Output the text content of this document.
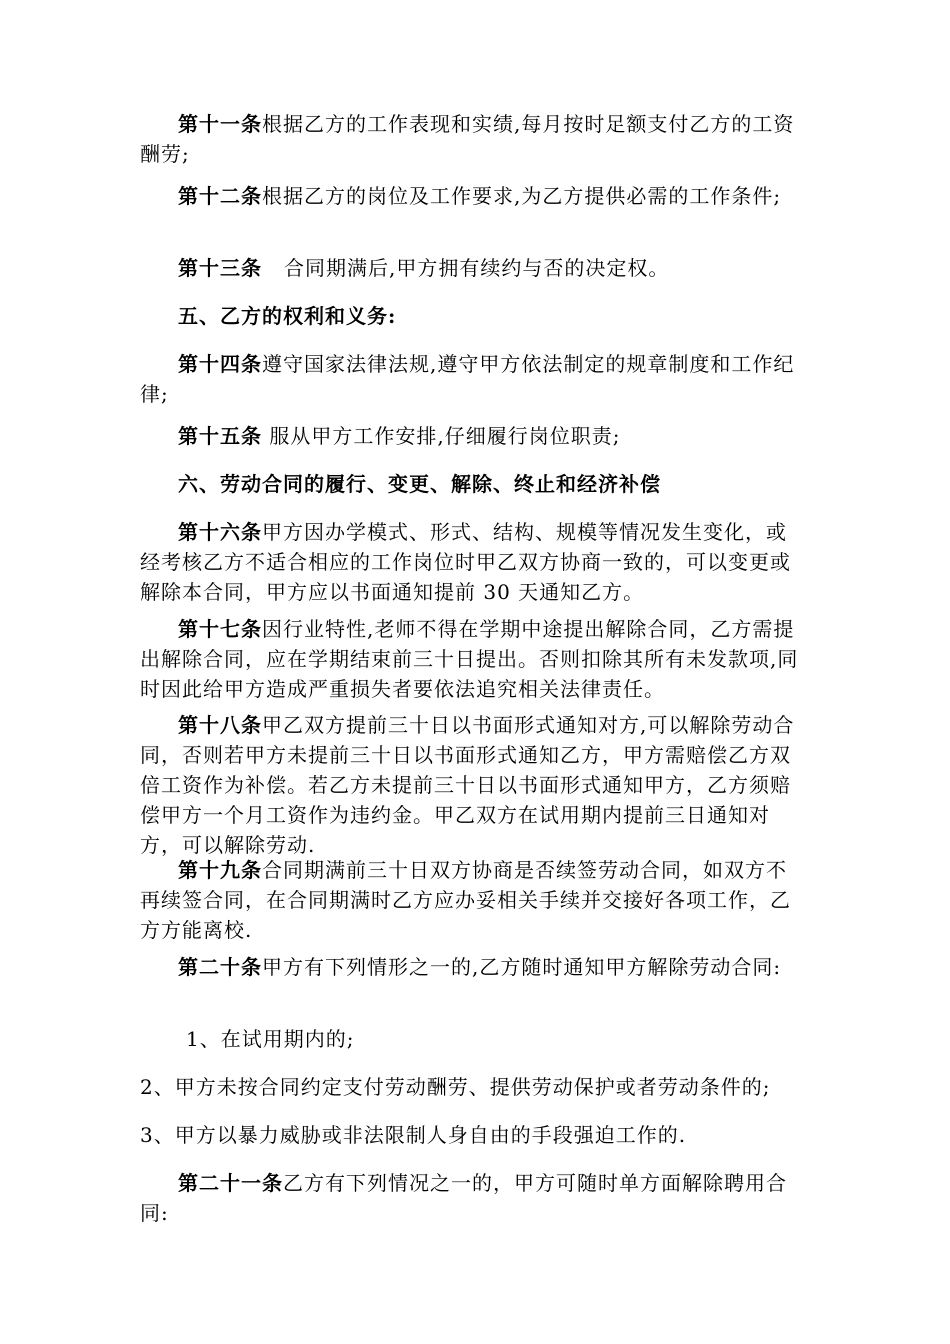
第十一条根据乙方的工作表现和实绩,每月按时足额支付乙方的工资酬劳;

第十二条根据乙方的岗位及工作要求,为乙方提供必需的工作条件;

第十三条 合同期满后,甲方拥有续约与否的决定权。

五、乙方的权利和义务:

第十四条遵守国家法律法规,遵守甲方依法制定的规章制度和工作纪律;

第十五条 服从甲方工作安排,仔细履行岗位职责;

六、劳动合同的履行、变更、解除、终止和经济补偿

第十六条甲方因办学模式、形式、结构、规模等情况发生变化，或经考核乙方不适合相应的工作岗位时甲乙双方协商一致的，可以变更或解除本合同，甲方应以书面通知提前 30 天通知乙方。

第十七条因行业特性,老师不得在学期中途提出解除合同，乙方需提出解除合同，应在学期结束前三十日提出。否则扣除其所有未发款项,同时因此给甲方造成严重损失者要依法追究相关法律责任。

第十八条甲乙双方提前三十日以书面形式通知对方,可以解除劳动合同，否则若甲方未提前三十日以书面形式通知乙方，甲方需赔偿乙方双倍工资作为补偿。若乙方未提前三十日以书面形式通知甲方，乙方须赔偿甲方一个月工资作为违约金。甲乙双方在试用期内提前三日通知对方，可以解除劳动.

第十九条合同期满前三十日双方协商是否续签劳动合同，如双方不再续签合同，在合同期满时乙方应办妥相关手续并交接好各项工作，乙方方能离校.

第二十条甲方有下列情形之一的,乙方随时通知甲方解除劳动合同:

1、在试用期内的;

2、甲方未按合同约定支付劳动酬劳、提供劳动保护或者劳动条件的;

3、甲方以暴力威胁或非法限制人身自由的手段强迫工作的.

第二十一条乙方有下列情况之一的，甲方可随时单方面解除聘用合同:
